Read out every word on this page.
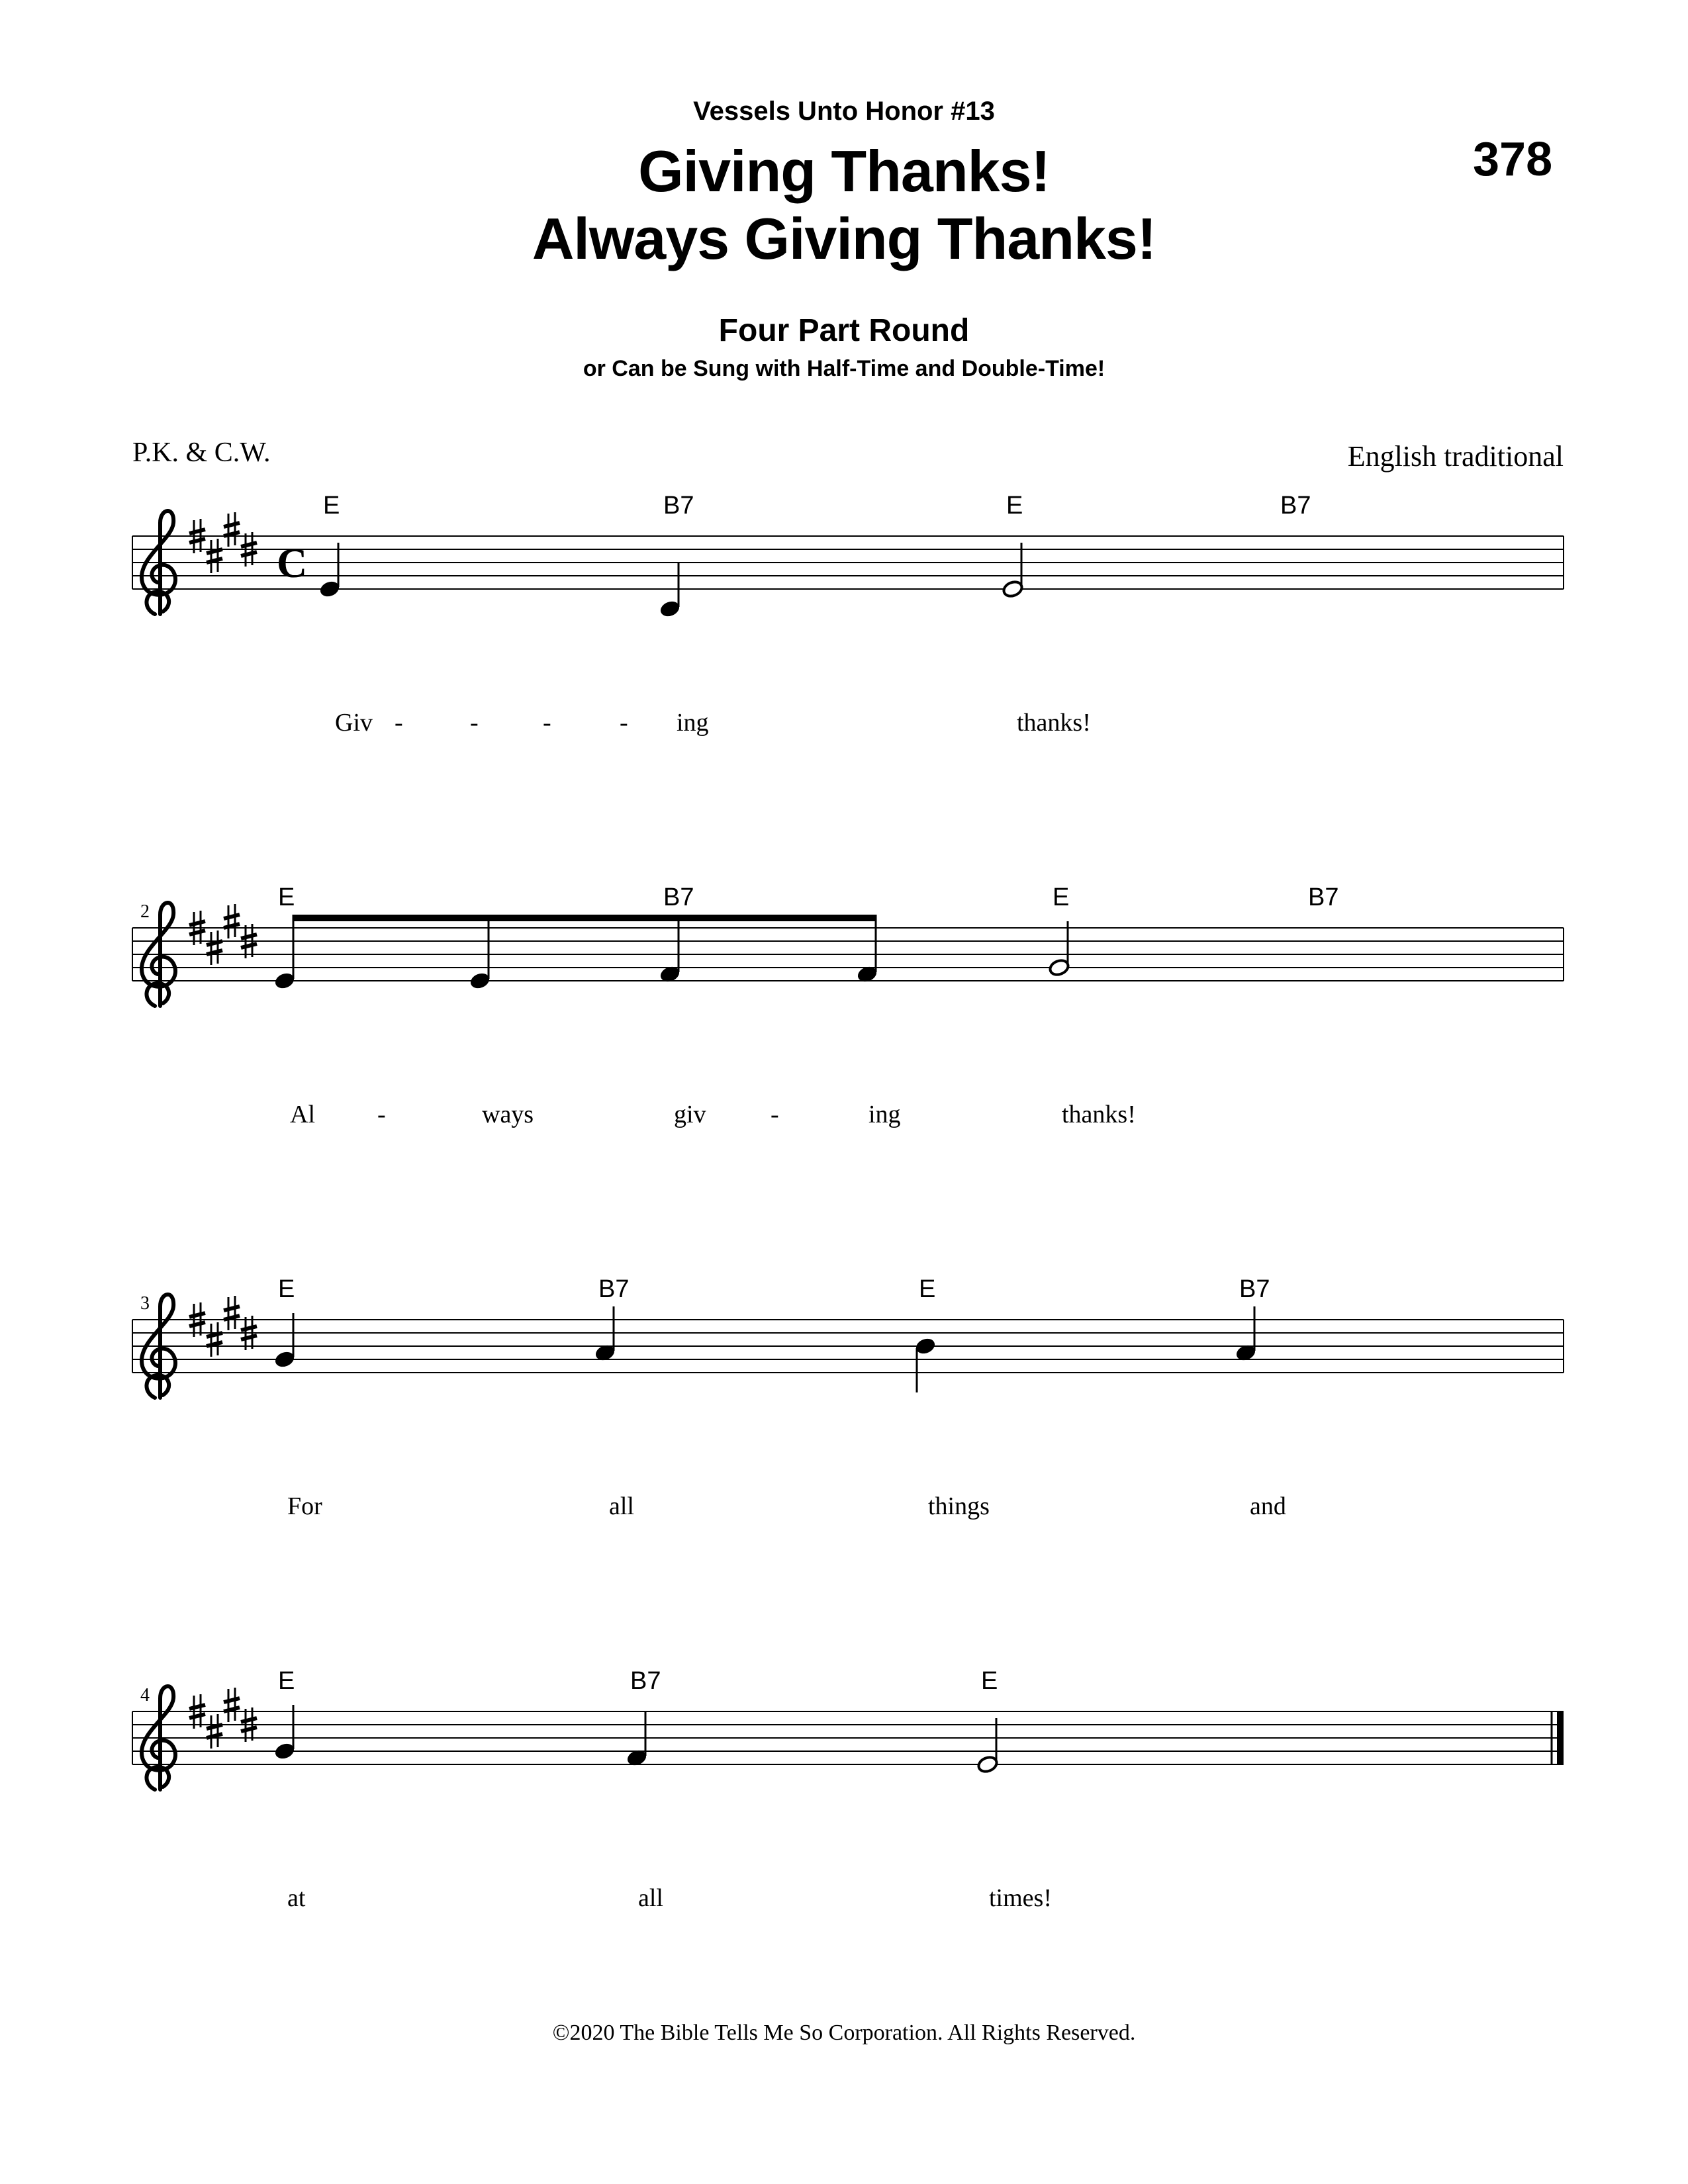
Vessels Unto Honor #13
Giving Thanks!
Always Giving Thanks!
378
Four Part Round
or Can be Sung with Half-Time and Double-Time!
P.K. & C.W.	English traditional
©2020 The Bible Tells Me So Corporation. All Rights Reserved.
C
E	B7	E	B7
Giv -	-	-	- ing	thanks!
2
E	B7	E	B7
Al -	ways	giv	-	ing	thanks!
3
E	B7	E	B7
For	all	things	and
4
E	B7	E
at	all	times!
